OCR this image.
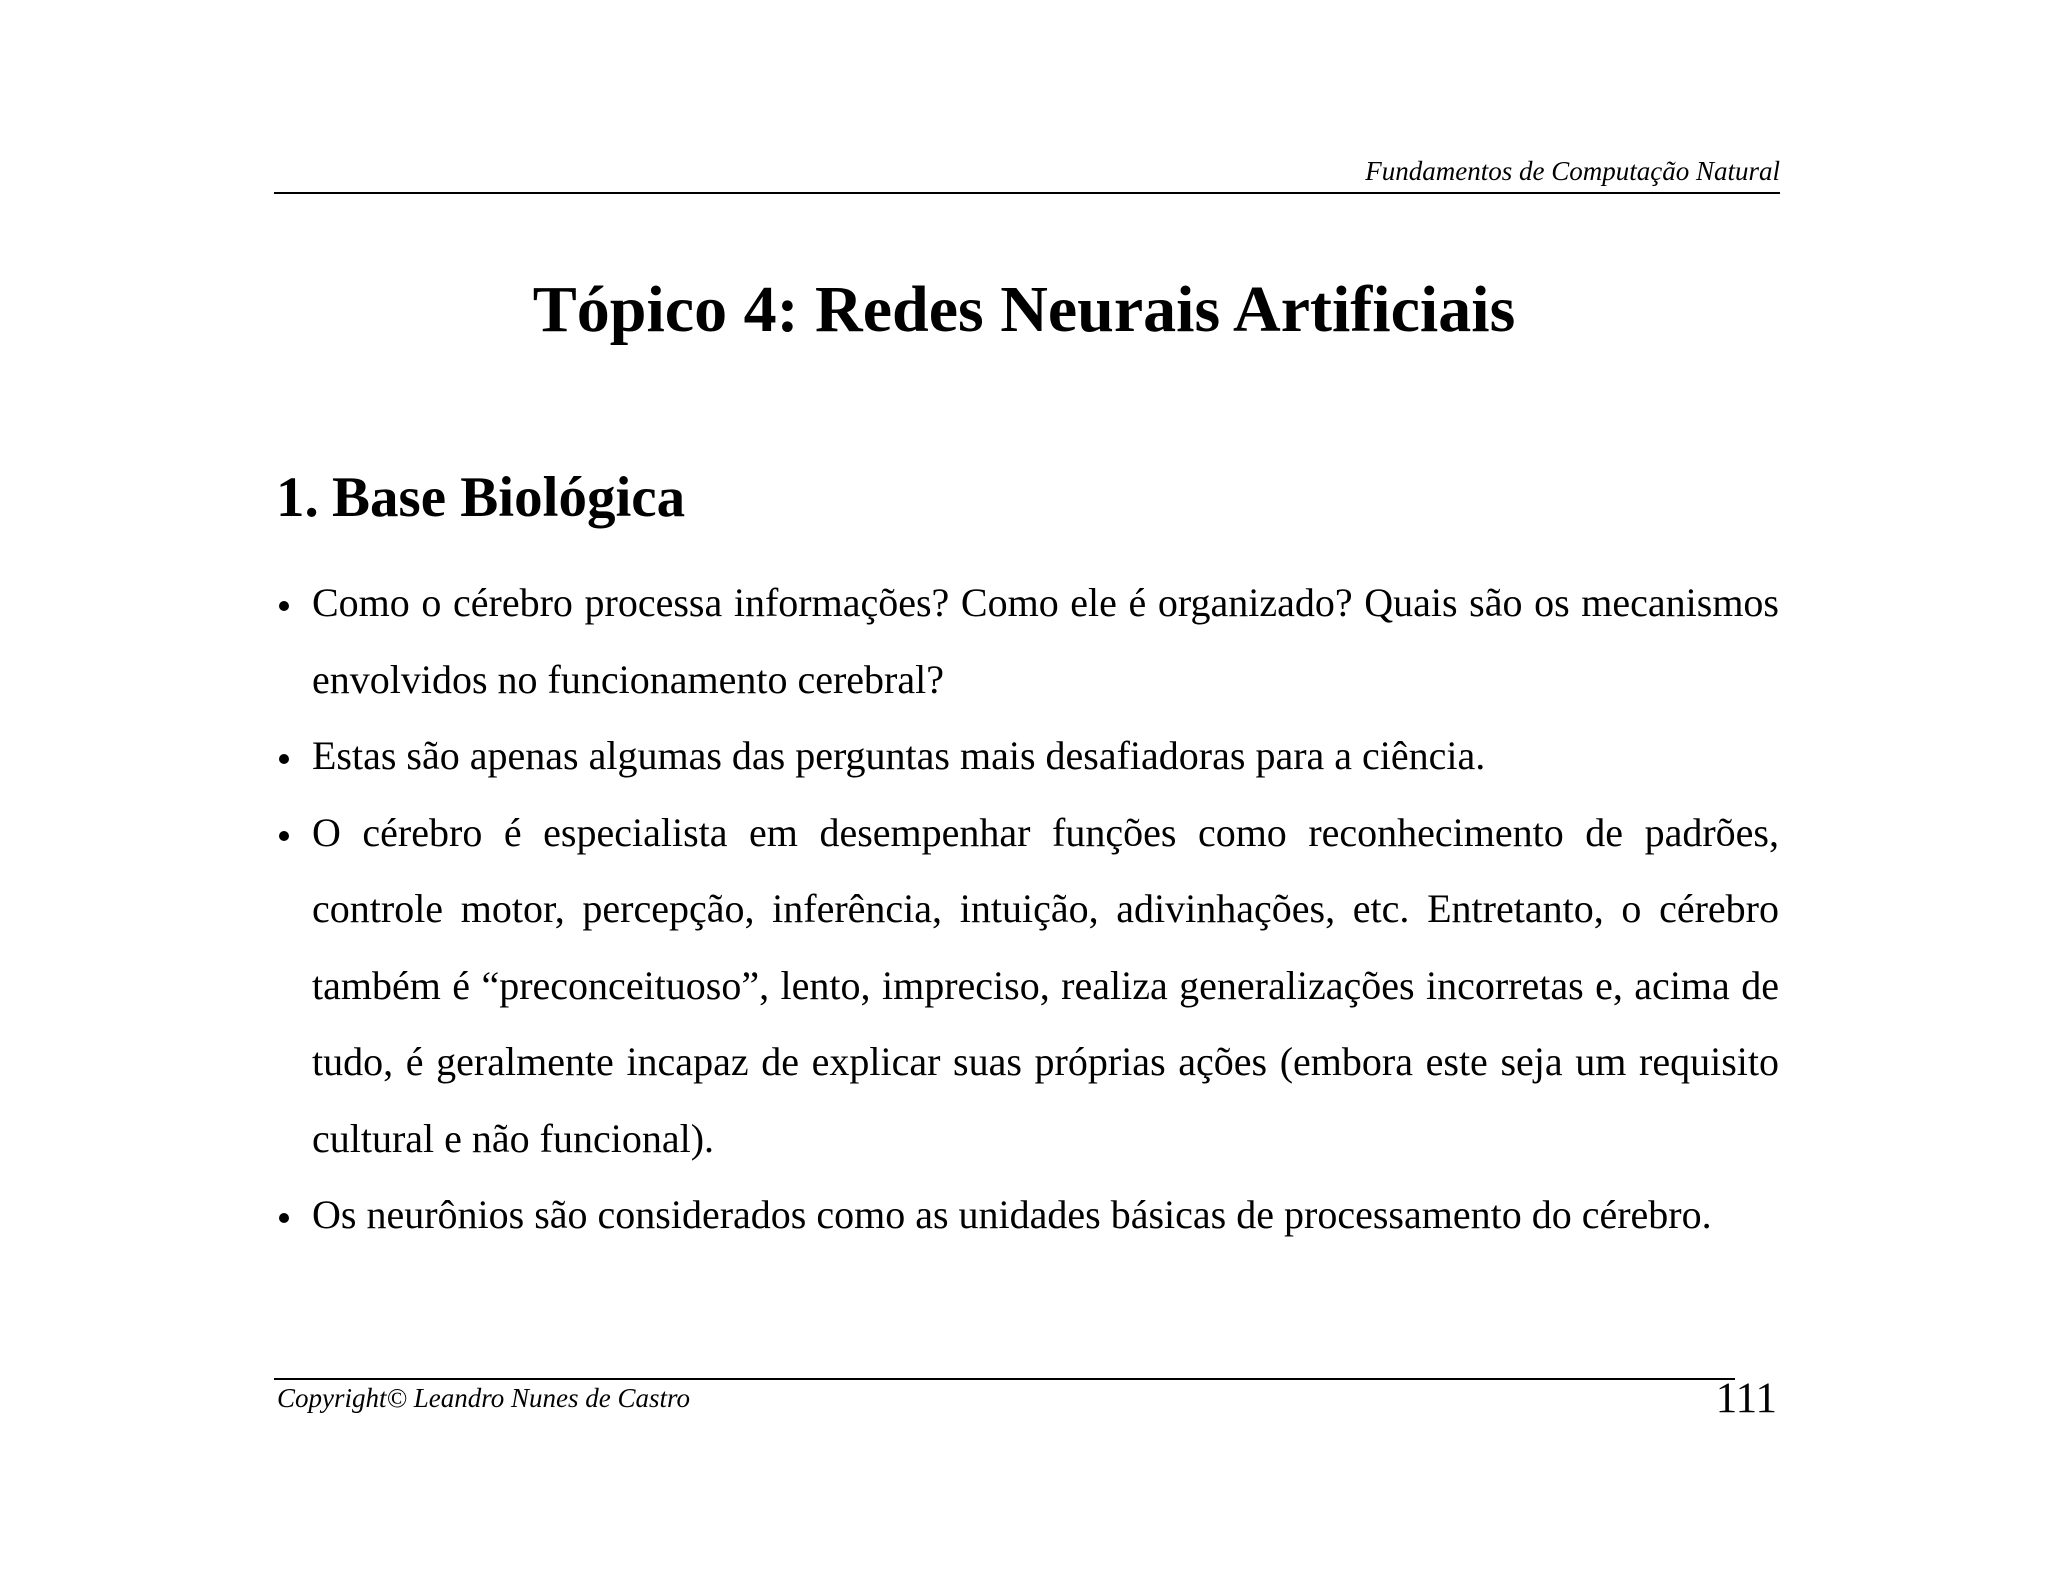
Fundamentos de Computação Natural
Tópico 4: Redes Neurais Artificiais
1. Base Biológica
Como o cérebro processa informações? Como ele é organizado? Quais são os mecanismos envolvidos no funcionamento cerebral?
Estas são apenas algumas das perguntas mais desafiadoras para a ciência.
O cérebro é especialista em desempenhar funções como reconhecimento de padrões, controle motor, percepção, inferência, intuição, adivinhações, etc. Entretanto, o cérebro também é “preconceituoso”, lento, impreciso, realiza generalizações incorretas e, acima de tudo, é geralmente incapaz de explicar suas próprias ações (embora este seja um requisito cultural e não funcional).
Os neurônios são considerados como as unidades básicas de processamento do cérebro.
Copyright© Leandro Nunes de Castro	111
